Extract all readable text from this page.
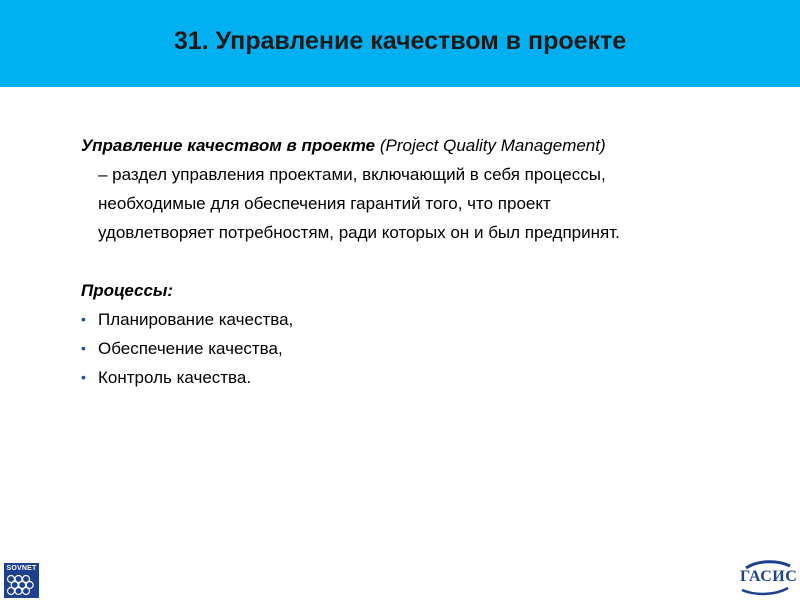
31. Управление качеством в проекте
Управление качеством в проекте (Project Quality Management)
– раздел управления проектами, включающий в себя процессы,
необходимые для обеспечения гарантий того, что проект
удовлетворяет потребностям, ради которых он и был предпринят.
Процессы:
• Планирование качества,
• Обеспечение качества,
• Контроль качества.
SOVNET	ГАСИС
